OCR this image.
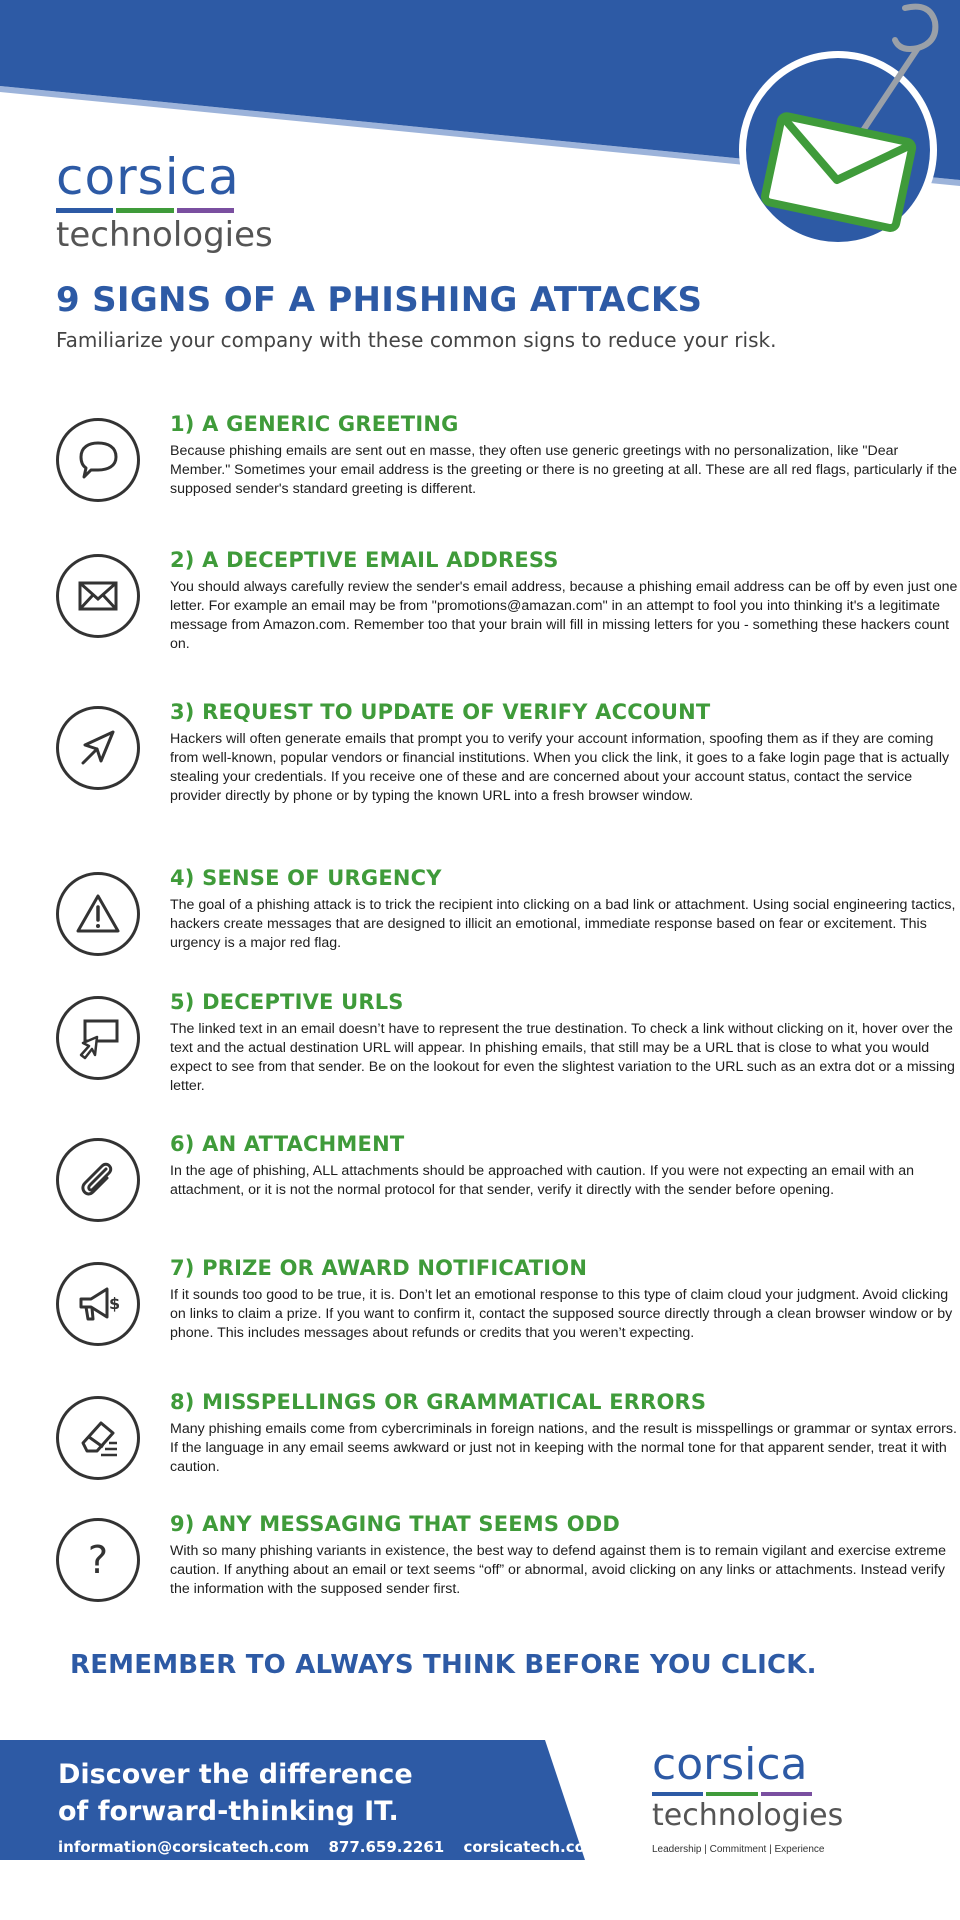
corsica
technologies
9 SIGNS OF A PHISHING ATTACKS
Familiarize your company with these common signs to reduce your risk.
1) A GENERIC GREETING
Because phishing emails are sent out en masse, they often use generic greetings with no personalization, like "Dear Member." Sometimes your email address is the greeting or there is no greeting at all. These are all red flags, particularly if the supposed sender's standard greeting is different.
2) A DECEPTIVE EMAIL ADDRESS
You should always carefully review the sender's email address, because a phishing email address can be off by even just one letter. For example an email may be from "promotions@amazan.com" in an attempt to fool you into thinking it's a legitimate message from Amazon.com. Remember too that your brain will fill in missing letters for you - something these hackers count on.
3) REQUEST TO UPDATE OF VERIFY ACCOUNT
Hackers will often generate emails that prompt you to verify your account information, spoofing them as if they are coming from well-known, popular vendors or financial institutions. When you click the link, it goes to a fake login page that is actually stealing your credentials. If you receive one of these and are concerned about your account status, contact the service provider directly by phone or by typing the known URL into a fresh browser window.
4) SENSE OF URGENCY
The goal of a phishing attack is to trick the recipient into clicking on a bad link or attachment. Using social engineering tactics, hackers create messages that are designed to illicit an emotional, immediate response based on fear or excitement. This urgency is a major red flag.
5) DECEPTIVE URLS
The linked text in an email doesn’t have to represent the true destination. To check a link without clicking on it, hover over the text and the actual destination URL will appear. In phishing emails, that still may be a URL that is close to what you would expect to see from that sender. Be on the lookout for even the slightest variation to the URL such as an extra dot or a missing letter.
6) AN ATTACHMENT
In the age of phishing, ALL attachments should be approached with caution. If you were not expecting an email with an attachment, or it is not the normal protocol for that sender, verify it directly with the sender before opening.
$
7) PRIZE OR AWARD NOTIFICATION
If it sounds too good to be true, it is. Don’t let an emotional response to this type of claim cloud your judgment. Avoid clicking on links to claim a prize. If you want to confirm it, contact the supposed source directly through a clean browser window or by phone. This includes messages about refunds or credits that you weren’t expecting.
8) MISSPELLINGS OR GRAMMATICAL ERRORS
Many phishing emails come from cybercriminals in foreign nations, and the result is misspellings or grammar or syntax errors. If the language in any email seems awkward or just not in keeping with the normal tone for that apparent sender, treat it with caution.
?
9) ANY MESSAGING THAT SEEMS ODD
With so many phishing variants in existence, the best way to defend against them is to remain vigilant and exercise extreme caution. If anything about an email or text seems “off” or abnormal, avoid clicking on any links or attachments. Instead verify the information with the supposed sender first.
REMEMBER TO ALWAYS THINK BEFORE YOU CLICK.
Discover the difference
of forward-thinking IT.
information@corsicatech.com 877.659.2261 corsicatech.com
corsica
technologies
Leadership | Commitment | Experience
